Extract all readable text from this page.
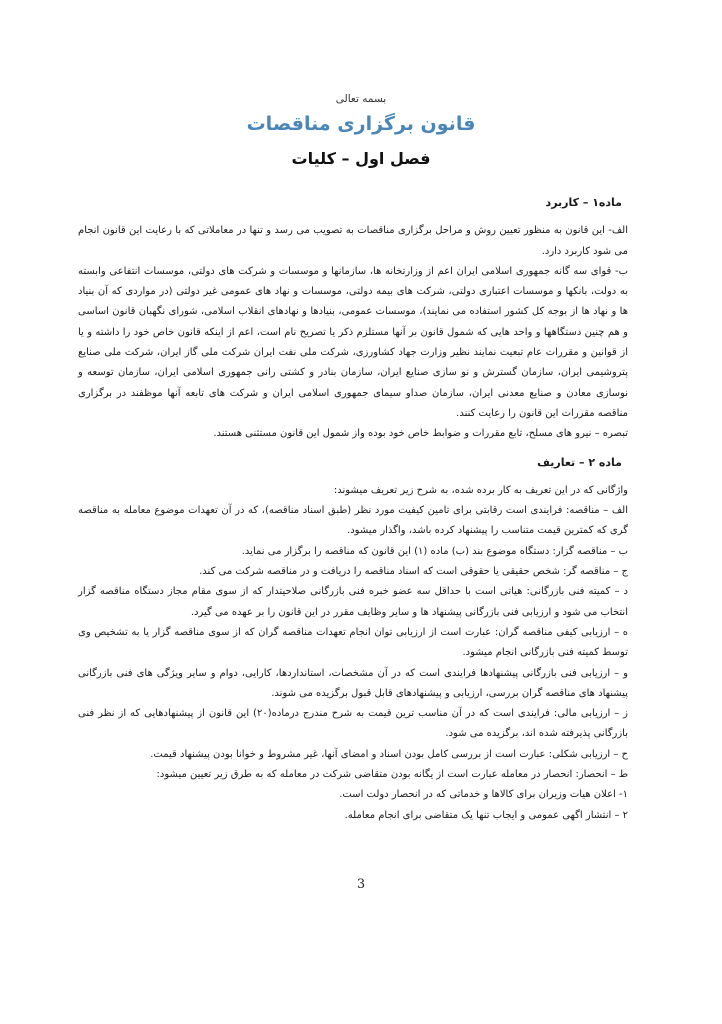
بسمه تعالی
قانون برگزاری مناقصات
فصل اول – کلیات
ماده۱ – کاربرد

الف- این قانون به منظور تعیین روش و مراحل برگزاری مناقصات به تصویب می رسد و تنها در معاملاتی که با رعایت این قانون انجام می شود کاربرد دارد.

ب- قوای سه گانه جمهوری اسلامی ایران اعم از وزارتخانه ها، سازمانها و موسسات و شرکت های دولتی، موسسات انتفاعی وابسته به دولت، بانکها و موسسات اعتباری دولتی، شرکت های بیمه دولتی، موسسات و نهاد های عمومی غیر دولتی (در مواردی که آن بنیاد ها و نهاد ها از بوجه کل کشور استفاده می نمایند)، موسسات عمومی، بنیادها و نهادهای انقلاب اسلامی، شورای نگهبان قانون اساسی و هم چنین دستگاهها و واحد هایی که شمول قانون بر آنها مستلزم ذکر یا تصریح نام است، اعم از اینکه قانون خاص خود را داشته و یا از قوانین و مقررات عام تبعیت نمایند نظیر وزارت جهاد کشاورزی، شرکت ملی نفت ایران شرکت ملی گاز ایران، شرکت ملی صنایع پتروشیمی ایران، سازمان گسترش و نو سازی صنایع ایران، سازمان بنادر و کشتی رانی جمهوری اسلامی ایران، سازمان توسعه و نوسازی معادن و صنایع معدنی ایران، سازمان صداو سیمای جمهوری اسلامی ایران و شرکت های تابعه آنها موظفند در برگزاری مناقصه مقررات این قانون را رعایت کنند.

تبصره – نیرو های مسلح، تابع مقررات و ضوابط خاص خود بوده واز شمول این قانون مستثنی هستند.

ماده ۲ – تعاریف

واژگانی که در این تعریف به کار برده شده، به شرح زیر تعریف میشوند:

الف – مناقصه: فرایندی است رقابتی برای تامین کیفیت مورد نظر (طبق اسناد مناقصه)، که در آن تعهدات موضوع معامله به مناقصه گری که کمترین قیمت متناسب را پیشنهاد کرده باشد، واگذار میشود.

ب – مناقصه گزار: دستگاه موضوع بند (ب) ماده (۱) این قانون که مناقصه را برگزار می نماید.

ج – مناقصه گر: شخص حقیقی یا حقوقی است که اسناد مناقصه را دریافت و در مناقصه شرکت می کند.

د – کمیته فنی بازرگانی: هیاتی است با حداقل سه عضو خبره فنی بازرگانی صلاحیتدار که از سوی مقام مجاز دستگاه مناقصه گزار انتخاب می شود و ارزیابی فنی بازرگانی پیشنهاد ها و سایر وظایف مقرر در این قانون را بر عهده می گیرد.

ه – ارزیابی کیفی مناقصه گران: عبارت است از ارزیابی توان انجام تعهدات مناقصه گران که از سوی مناقصه گزار یا به تشخیص وی توسط کمیته فنی بازرگانی انجام میشود.

و – ارزیابی فنی بازرگانی پیشنهادها فرایندی است که در آن مشخصات، استانداردها، کارایی، دوام و سایر ویژگی های فنی بازرگانی پیشنهاد های مناقصه گران بررسی، ارزیابی و پیشنهادهای قابل قبول برگزیده می شوند.

ز – ارزیابی مالی: فرایندی است که در آن مناسب ترین قیمت به شرح مندرج درماده(۲۰) این قانون از پیشنهادهایی که از نظر فنی بازرگانی پذیرفته شده اند، برگزیده می شود.

ح – ارزیابی شکلی: عبارت است از بررسی کامل بودن اسناد و امضای آنها، غیر مشروط و خوانا بودن پیشنهاد قیمت.

ط – انحصار: انحصار در معامله عبارت است از یگانه بودن متقاضی شرکت در معامله که به طرق زیر تعیین میشود:

۱- اعلان هیات وزیران برای کالاها و خدماتی که در انحصار دولت است.

۲ – انتشار اگهی عمومی و ایجاب تنها یک متقاضی برای انجام معامله.

3
